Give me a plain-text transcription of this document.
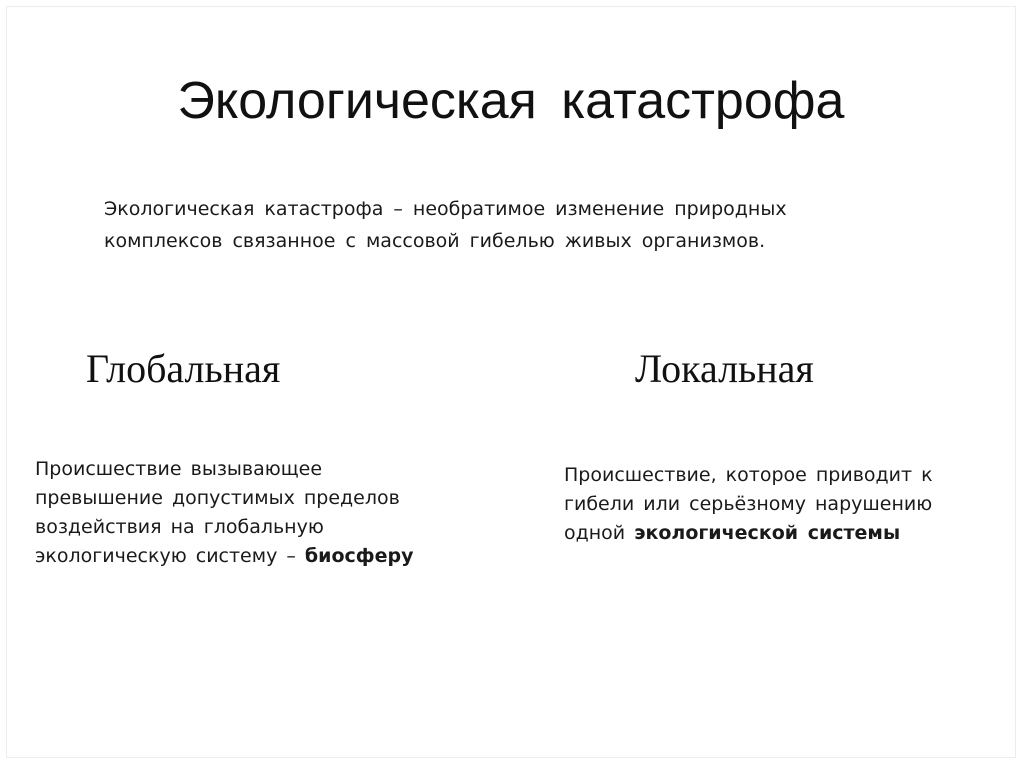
Экологическая катастрофа
Экологическая катастрофа – необратимое изменение природных
комплексов связанное с массовой гибелью живых организмов.
Глобальная	Локальная
Происшествие вызывающее
превышение допустимых пределов
воздействия на глобальную
экологическую систему – биосферу
Происшествие, которое приводит к
гибели или серьёзному нарушению
одной экологической системы
